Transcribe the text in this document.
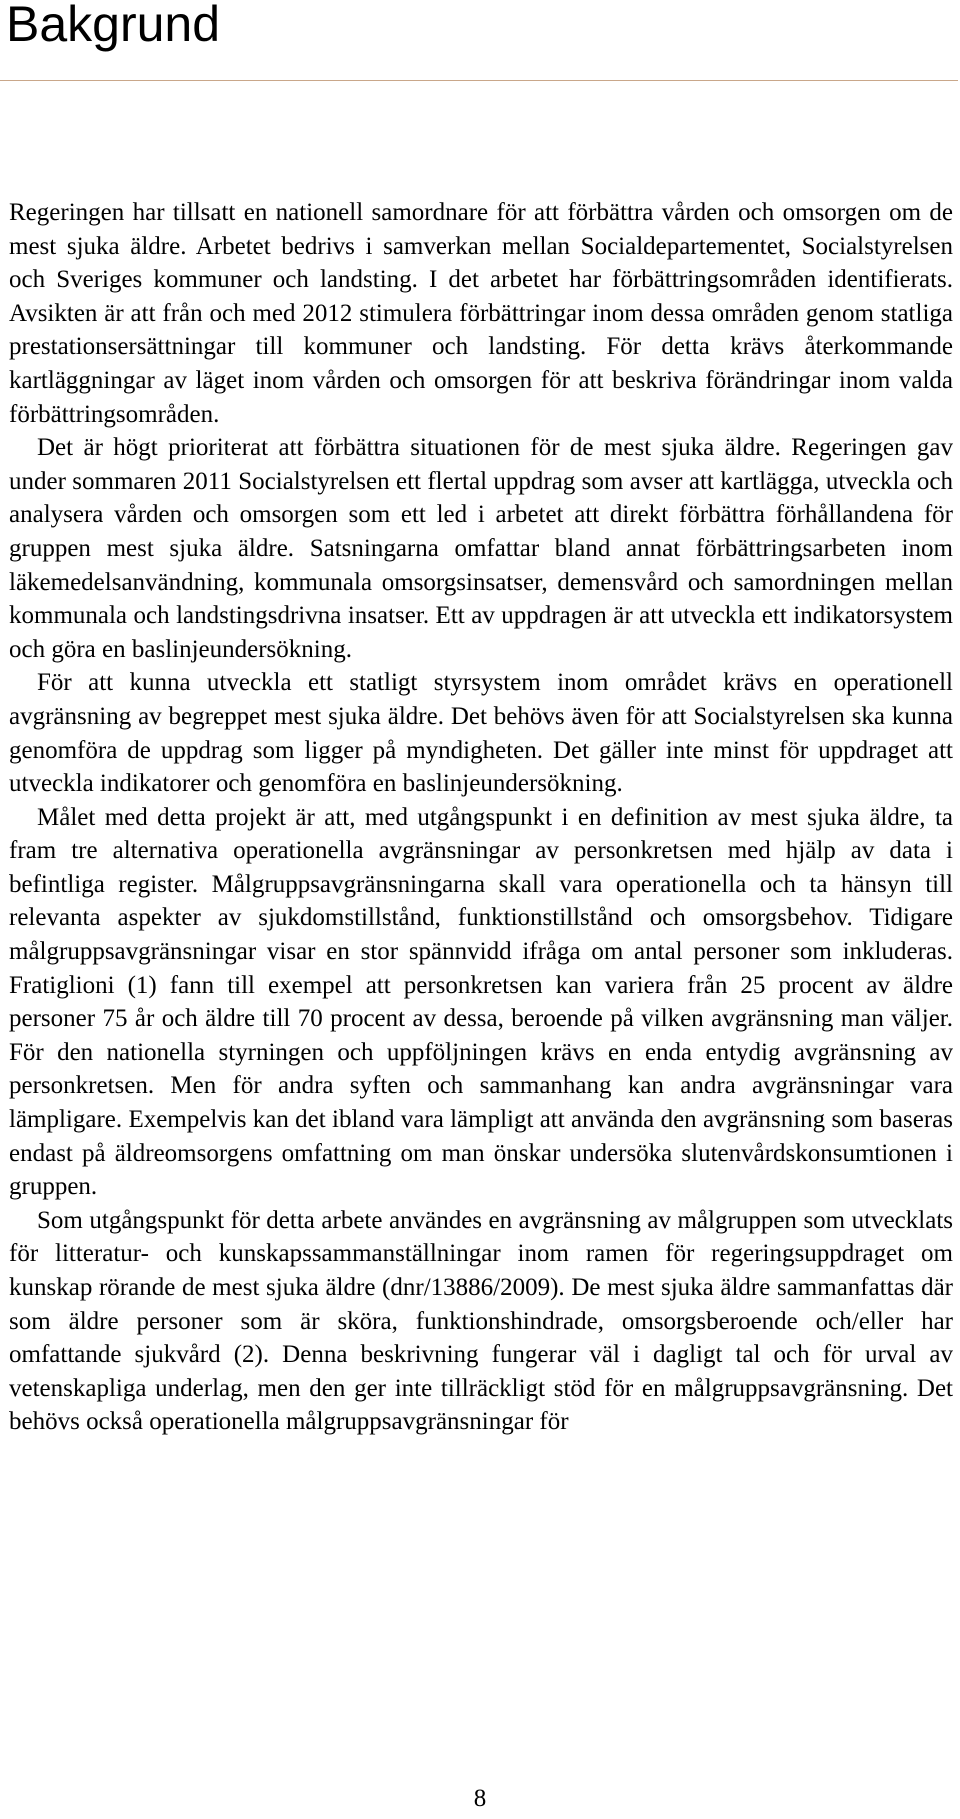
Bakgrund

Regeringen har tillsatt en nationell samordnare för att förbättra vården och omsorgen om de mest sjuka äldre. Arbetet bedrivs i samverkan mellan Socialdepartementet, Socialstyrelsen och Sveriges kommuner och landsting. I det arbetet har förbättringsområden identifierats. Avsikten är att från och med 2012 stimulera förbättringar inom dessa områden genom statliga prestationsersättningar till kommuner och landsting. För detta krävs återkommande kartläggningar av läget inom vården och omsorgen för att beskriva förändringar inom valda förbättringsområden.

Det är högt prioriterat att förbättra situationen för de mest sjuka äldre. Regeringen gav under sommaren 2011 Socialstyrelsen ett flertal uppdrag som avser att kartlägga, utveckla och analysera vården och omsorgen som ett led i arbetet att direkt förbättra förhållandena för gruppen mest sjuka äldre. Satsningarna omfattar bland annat förbättringsarbeten inom läkemedelsanvändning, kommunala omsorgsinsatser, demensvård och samordningen mellan kommunala och landstingsdrivna insatser. Ett av uppdragen är att utveckla ett indikatorsystem och göra en baslinjeundersökning.

För att kunna utveckla ett statligt styrsystem inom området krävs en operationell avgränsning av begreppet mest sjuka äldre. Det behövs även för att Socialstyrelsen ska kunna genomföra de uppdrag som ligger på myndigheten. Det gäller inte minst för uppdraget att utveckla indikatorer och genomföra en baslinjeundersökning.

Målet med detta projekt är att, med utgångspunkt i en definition av mest sjuka äldre, ta fram tre alternativa operationella avgränsningar av personkretsen med hjälp av data i befintliga register. Målgruppsavgränsningarna skall vara operationella och ta hänsyn till relevanta aspekter av sjukdomstillstånd, funktionstillstånd och omsorgsbehov. Tidigare målgruppsavgränsningar visar en stor spännvidd ifråga om antal personer som inkluderas. Fratiglioni (1) fann till exempel att personkretsen kan variera från 25 procent av äldre personer 75 år och äldre till 70 procent av dessa, beroende på vilken avgränsning man väljer. För den nationella styrningen och uppföljningen krävs en enda entydig avgränsning av personkretsen. Men för andra syften och sammanhang kan andra avgränsningar vara lämpligare. Exempelvis kan det ibland vara lämpligt att använda den avgränsning som baseras endast på äldreomsorgens omfattning om man önskar undersöka slutenvårdskonsumtionen i gruppen.

Som utgångspunkt för detta arbete användes en avgränsning av målgruppen som utvecklats för litteratur- och kunskapssammanställningar inom ramen för regeringsuppdraget om kunskap rörande de mest sjuka äldre (dnr/13886/2009). De mest sjuka äldre sammanfattas där som äldre personer som är sköra, funktionshindrade, omsorgsberoende och/eller har omfattande sjukvård (2). Denna beskrivning fungerar väl i dagligt tal och för urval av vetenskapliga underlag, men den ger inte tillräckligt stöd för en målgruppsavgränsning. Det behövs också operationella målgruppsavgränsningar för

8
